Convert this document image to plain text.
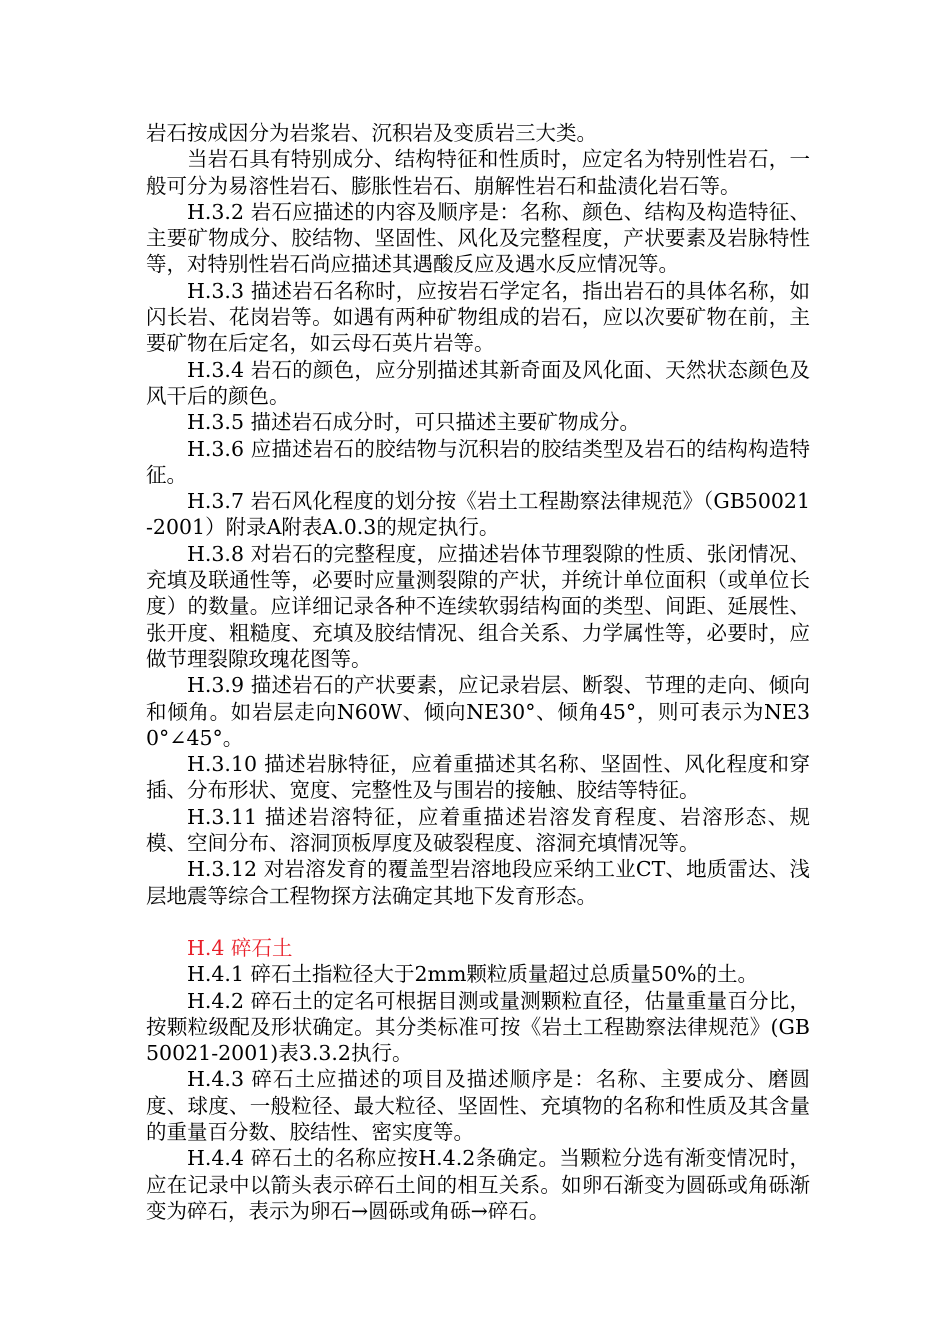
岩石按成因分为岩浆岩、沉积岩及变质岩三大类。

当岩石具有特别成分、结构特征和性质时，应定名为特别性岩石，一般可分为易溶性岩石、膨胀性岩石、崩解性岩石和盐渍化岩石等。

H.3.2 岩石应描述的内容及顺序是：名称、颜色、结构及构造特征、主要矿物成分、胶结物、坚固性、风化及完整程度，产状要素及岩脉特性等，对特别性岩石尚应描述其遇酸反应及遇水反应情况等。

H.3.3 描述岩石名称时，应按岩石学定名，指出岩石的具体名称，如闪长岩、花岗岩等。如遇有两种矿物组成的岩石，应以次要矿物在前，主要矿物在后定名，如云母石英片岩等。

H.3.4 岩石的颜色，应分别描述其新奇面及风化面、天然状态颜色及风干后的颜色。

H.3.5 描述岩石成分时，可只描述主要矿物成分。

H.3.6 应描述岩石的胶结物与沉积岩的胶结类型及岩石的结构构造特征。

H.3.7 岩石风化程度的划分按《岩土工程勘察法律规范》（GB50021-2001）附录A附表A.0.3的规定执行。

H.3.8 对岩石的完整程度，应描述岩体节理裂隙的性质、张闭情况、充填及联通性等，必要时应量测裂隙的产状，并统计单位面积（或单位长度）的数量。应详细记录各种不连续软弱结构面的类型、间距、延展性、张开度、粗糙度、充填及胶结情况、组合关系、力学属性等，必要时，应做节理裂隙玫瑰花图等。

H.3.9 描述岩石的产状要素，应记录岩层、断裂、节理的走向、倾向和倾角。如岩层走向N60W、倾向NE30°、倾角45°，则可表示为NE30°∠45°。

H.3.10 描述岩脉特征，应着重描述其名称、坚固性、风化程度和穿插、分布形状、宽度、完整性及与围岩的接触、胶结等特征。

H.3.11 描述岩溶特征，应着重描述岩溶发育程度、岩溶形态、规模、空间分布、溶洞顶板厚度及破裂程度、溶洞充填情况等。

H.3.12 对岩溶发育的覆盖型岩溶地段应采纳工业CT、地质雷达、浅层地震等综合工程物探方法确定其地下发育形态。

H.4 碎石土

H.4.1 碎石土指粒径大于2mm颗粒质量超过总质量50%的土。

H.4.2 碎石土的定名可根据目测或量测颗粒直径，估量重量百分比，按颗粒级配及形状确定。其分类标准可按《岩土工程勘察法律规范》(GB50021-2001)表3.3.2执行。

H.4.3 碎石土应描述的项目及描述顺序是：名称、主要成分、磨圆度、球度、一般粒径、最大粒径、坚固性、充填物的名称和性质及其含量的重量百分数、胶结性、密实度等。

H.4.4 碎石土的名称应按H.4.2条确定。当颗粒分选有渐变情况时，应在记录中以箭头表示碎石土间的相互关系。如卵石渐变为圆砾或角砾渐变为碎石，表示为卵石→圆砾或角砾→碎石。
